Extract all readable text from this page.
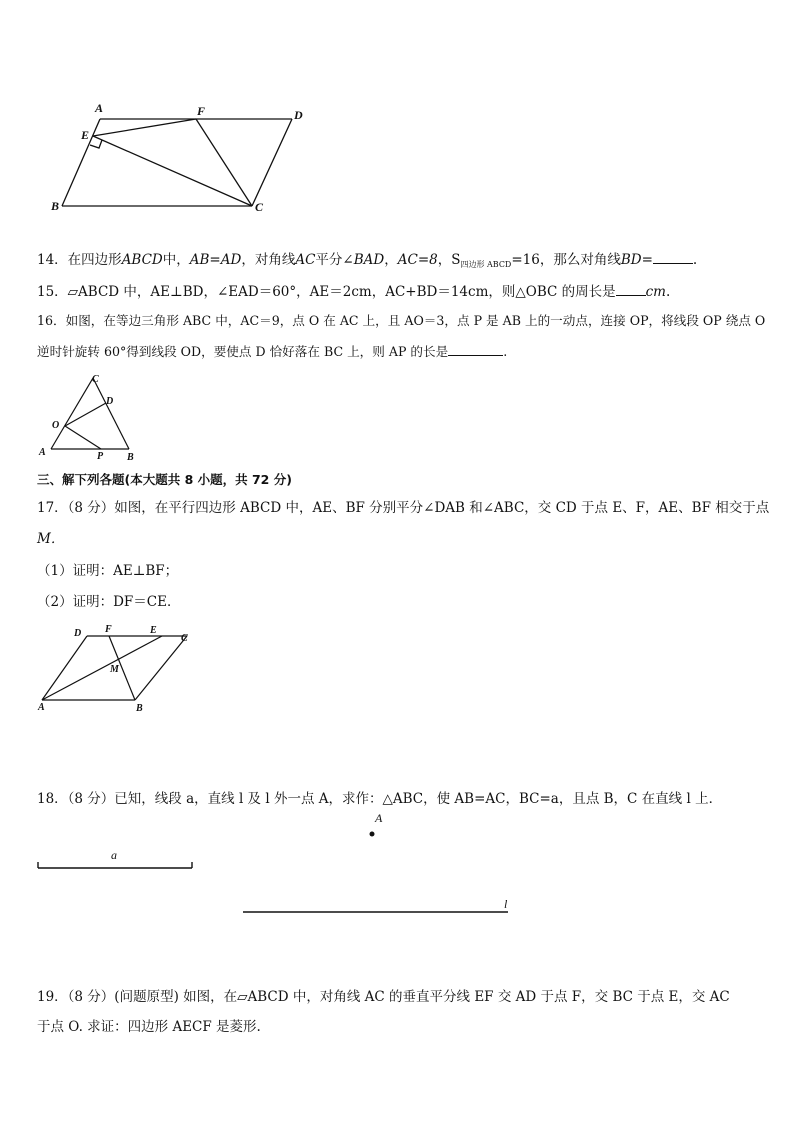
A	F	D
E
B	C
14．在四边形ABCD中，AB=AD，对角线AC平分∠BAD，AC=8，$S_{四边形 ABCD}=16$，那么对角线BD=	.
15．▱ABCD 中，AE⊥BD，∠EAD＝60°，AE＝2cm，AC+BD＝14cm，则△OBC 的周长是 cm.
16．如图，在等边三角形 ABC 中，AC＝9，点 O 在 AC 上，且 AO＝3，点 P 是 AB 上的一动点，连接 OP，将线段 OP 绕点 O
逆时针旋转 60°得到线段 OD，要使点 D 恰好落在 BC 上，则 AP 的长是	.
C
D
O
A	P B
三、解下列各题(本大题共 8 小题，共 72 分)
17．（8 分）如图，在平行四边形 ABCD 中，AE、BF 分别平分∠DAB 和∠ABC，交 CD 于点 E、F，AE、BF 相交于点
M．
（1）证明：AE⊥BF；
（2）证明：DF＝CE．
D F	E
C
M
A	B
18．（8 分）已知，线段 a，直线 l 及 l 外一点 A，求作：△ABC，使 AB=AC，BC=a，且点 B，C 在直线 l 上．
A
a
l
19．（8 分）(问题原型) 如图，在▱ABCD 中，对角线 AC 的垂直平分线 EF 交 AD 于点 F，交 BC 于点 E，交 AC
于点 O. 求证：四边形 AECF 是菱形.
